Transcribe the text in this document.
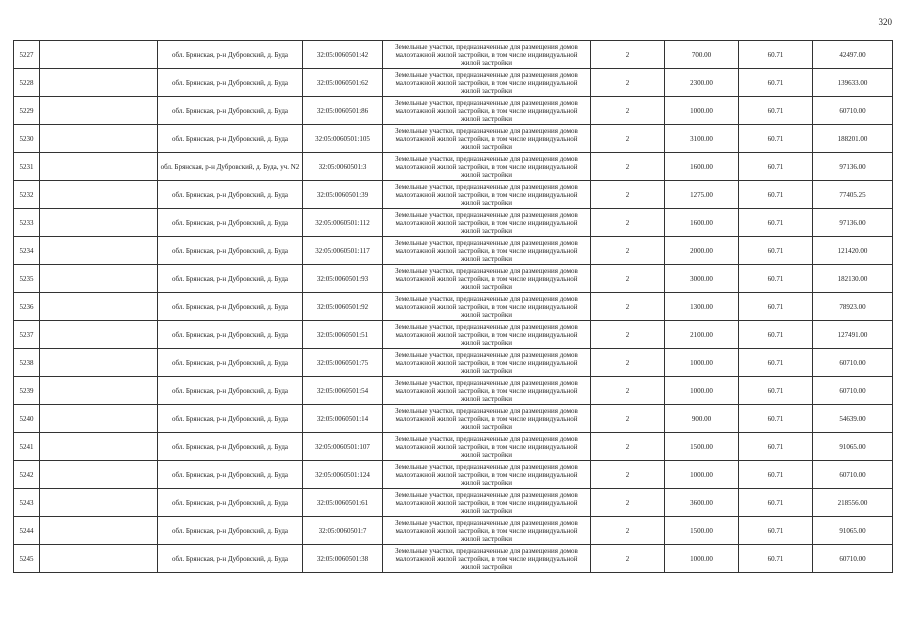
320
5227		обл. Брянская, р-н Дубровский, д. Буда	32:05:0060501:42	Земельные участки, предназначенные для размещения домов малоэтажной жилой застройки, в том числе индивидуальной жилой застройки	2	700.00	60.71	42497.00
5228		обл. Брянская, р-н Дубровский, д. Буда	32:05:0060501:62	Земельные участки, предназначенные для размещения домов малоэтажной жилой застройки, в том числе индивидуальной жилой застройки	2	2300.00	60.71	139633.00
5229		обл. Брянская, р-н Дубровский, д. Буда	32:05:0060501:86	Земельные участки, предназначенные для размещения домов малоэтажной жилой застройки, в том числе индивидуальной жилой застройки	2	1000.00	60.71	60710.00
5230		обл. Брянская, р-н Дубровский, д. Буда	32:05:0060501:105	Земельные участки, предназначенные для размещения домов малоэтажной жилой застройки, в том числе индивидуальной жилой застройки	2	3100.00	60.71	188201.00
5231		обл. Брянская, р-н Дубровский, д. Буда, уч. N2	32:05:0060501:3	Земельные участки, предназначенные для размещения домов малоэтажной жилой застройки, в том числе индивидуальной жилой застройки	2	1600.00	60.71	97136.00
5232		обл. Брянская, р-н Дубровский, д. Буда	32:05:0060501:39	Земельные участки, предназначенные для размещения домов малоэтажной жилой застройки, в том числе индивидуальной жилой застройки	2	1275.00	60.71	77405.25
5233		обл. Брянская, р-н Дубровский, д. Буда	32:05:0060501:112	Земельные участки, предназначенные для размещения домов малоэтажной жилой застройки, в том числе индивидуальной жилой застройки	2	1600.00	60.71	97136.00
5234		обл. Брянская, р-н Дубровский, д. Буда	32:05:0060501:117	Земельные участки, предназначенные для размещения домов малоэтажной жилой застройки, в том числе индивидуальной жилой застройки	2	2000.00	60.71	121420.00
5235		обл. Брянская, р-н Дубровский, д. Буда	32:05:0060501:93	Земельные участки, предназначенные для размещения домов малоэтажной жилой застройки, в том числе индивидуальной жилой застройки	2	3000.00	60.71	182130.00
5236		обл. Брянская, р-н Дубровский, д. Буда	32:05:0060501:92	Земельные участки, предназначенные для размещения домов малоэтажной жилой застройки, в том числе индивидуальной жилой застройки	2	1300.00	60.71	78923.00
5237		обл. Брянская, р-н Дубровский, д. Буда	32:05:0060501:51	Земельные участки, предназначенные для размещения домов малоэтажной жилой застройки, в том числе индивидуальной жилой застройки	2	2100.00	60.71	127491.00
5238		обл. Брянская, р-н Дубровский, д. Буда	32:05:0060501:75	Земельные участки, предназначенные для размещения домов малоэтажной жилой застройки, в том числе индивидуальной жилой застройки	2	1000.00	60.71	60710.00
5239		обл. Брянская, р-н Дубровский, д. Буда	32:05:0060501:54	Земельные участки, предназначенные для размещения домов малоэтажной жилой застройки, в том числе индивидуальной жилой застройки	2	1000.00	60.71	60710.00
5240		обл. Брянская, р-н Дубровский, д. Буда	32:05:0060501:14	Земельные участки, предназначенные для размещения домов малоэтажной жилой застройки, в том числе индивидуальной жилой застройки	2	900.00	60.71	54639.00
5241		обл. Брянская, р-н Дубровский, д. Буда	32:05:0060501:107	Земельные участки, предназначенные для размещения домов малоэтажной жилой застройки, в том числе индивидуальной жилой застройки	2	1500.00	60.71	91065.00
5242		обл. Брянская, р-н Дубровский, д. Буда	32:05:0060501:124	Земельные участки, предназначенные для размещения домов малоэтажной жилой застройки, в том числе индивидуальной жилой застройки	2	1000.00	60.71	60710.00
5243		обл. Брянская, р-н Дубровский, д. Буда	32:05:0060501:61	Земельные участки, предназначенные для размещения домов малоэтажной жилой застройки, в том числе индивидуальной жилой застройки	2	3600.00	60.71	218556.00
5244		обл. Брянская, р-н Дубровский, д. Буда	32:05:0060501:7	Земельные участки, предназначенные для размещения домов малоэтажной жилой застройки, в том числе индивидуальной жилой застройки	2	1500.00	60.71	91065.00
5245		обл. Брянская, р-н Дубровский, д. Буда	32:05:0060501:38	Земельные участки, предназначенные для размещения домов малоэтажной жилой застройки, в том числе индивидуальной жилой застройки	2	1000.00	60.71	60710.00
